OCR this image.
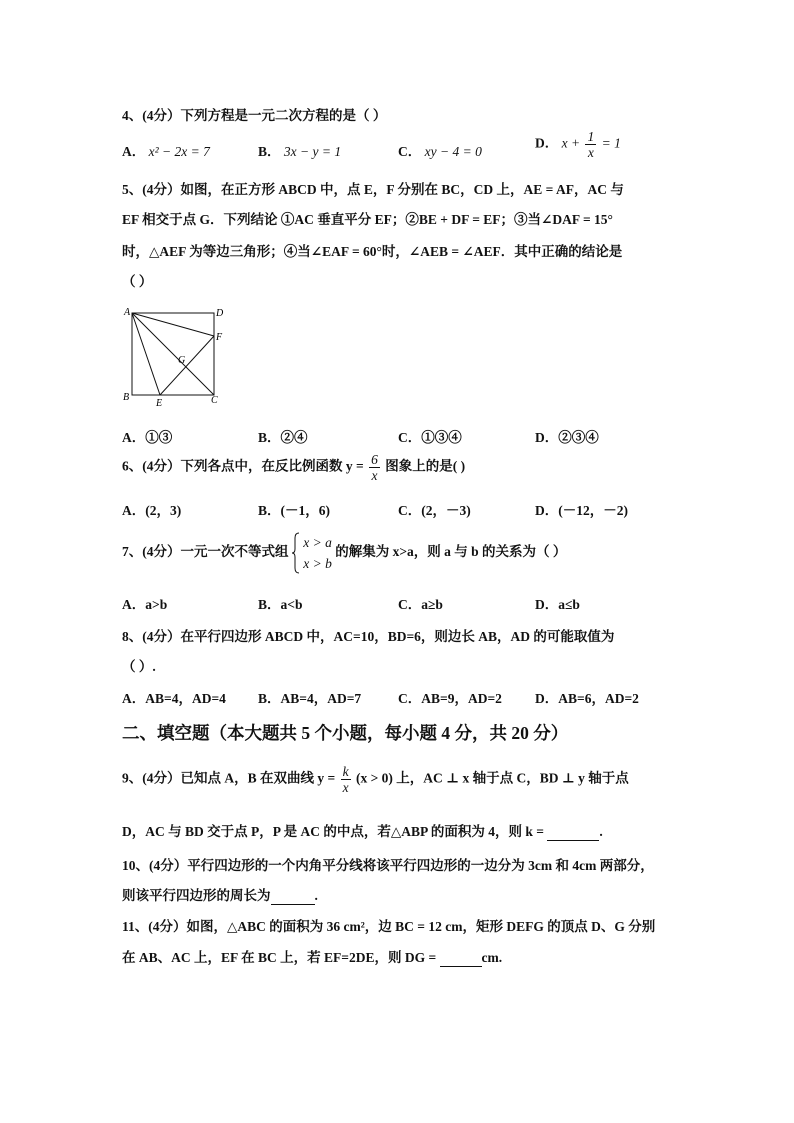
4、(4分）下列方程是一元二次方程的是（ ）
A． x² − 2x = 7	B． 3x − y = 1	C． xy − 4 = 0
D． $x + \frac{1}{x} = 1$
5、(4分）如图，在正方形 ABCD 中，点 E，F 分别在 BC，CD 上，AE = AF，AC 与
EF 相交于点 G．下列结论 ①AC 垂直平分 EF；②BE + DF = EF；③当∠DAF = 15°
时，△AEF 为等边三角形；④当∠EAF = 60°时，∠AEB = ∠AEF．其中正确的结论是
（ ）
A	D
F
G
B
E	C
A．①③	B．②④	C．①③④	D．②③④
6、(4分）下列各点中，在反比例函数 $y = \frac{6}{x}$ 图象上的是( )
A．(2，3)	B．(－1，6)	C．(2，－3)	D．(－12，－2)
7、(4分）一元一次不等式组
x > a
x > b
的解集为 x>a，则 a 与 b 的关系为（ ）
A．a>b	B．a<b	C．a≥b	D．a≤b
8、(4分）在平行四边形 ABCD 中，AC=10，BD=6，则边长 AB，AD 的可能取值为
（ ）.
A．AB=4，AD=4 B．AB=4，AD=7	C．AB=9，AD=2 D．AB=6，AD=2
二、填空题（本大题共 5 个小题，每小题 4 分，共 20 分）
9、(4分）已知点 A，B 在双曲线 $y = \frac{k}{x} (x > 0)$ 上，AC ⊥ x 轴于点 C，BD ⊥ y 轴于点
D，AC 与 BD 交于点 P，P 是 AC 的中点，若△ABP 的面积为 4，则 k =	.
10、(4分）平行四边形的一个内角平分线将该平行四边形的一边分为 3cm 和 4cm 两部分，
则该平行四边形的周长为	.
11、(4分）如图，△ABC 的面积为 36 cm²，边 BC = 12 cm，矩形 DEFG 的顶点 D、G 分别
在 AB、AC 上，EF 在 BC 上，若 EF=2DE，则 DG =	cm.
